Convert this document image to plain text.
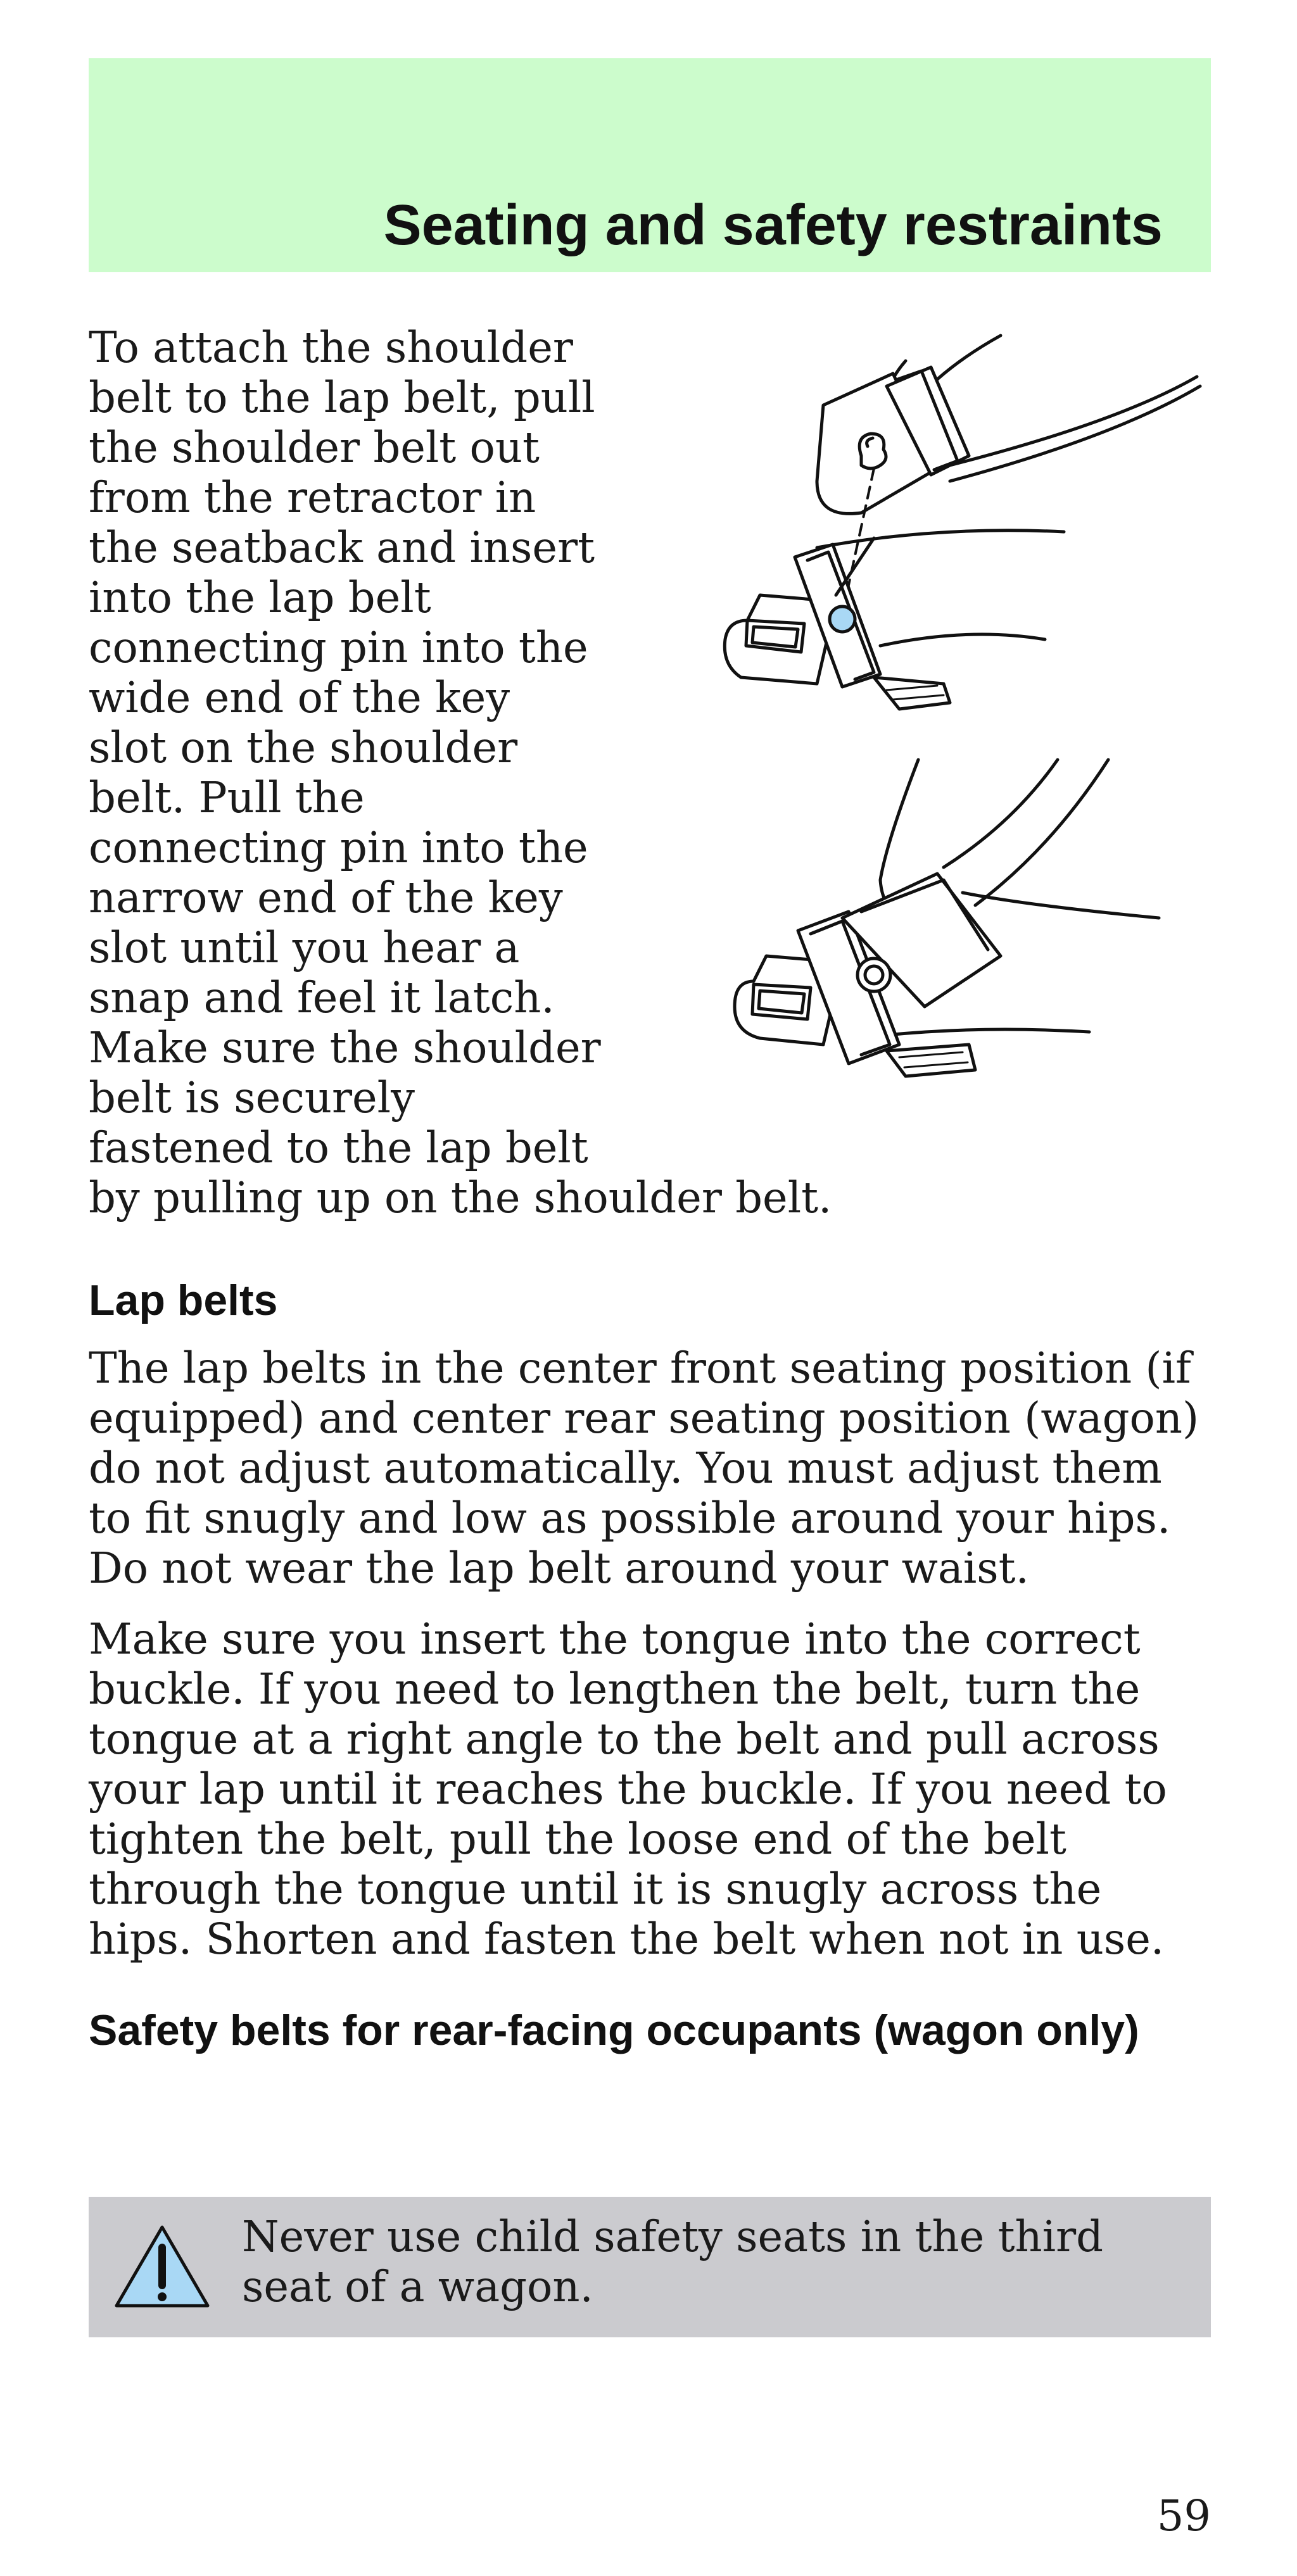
Seating and safety restraints

To attach the shoulder
belt to the lap belt, pull
the shoulder belt out
from the retractor in
the seatback and insert
into the lap belt
connecting pin into the
wide end of the key
slot on the shoulder
belt. Pull the
connecting pin into the
narrow end of the key
slot until you hear a
snap and feel it latch.
Make sure the shoulder
belt is securely
fastened to the lap belt

by pulling up on the shoulder belt.

Lap belts

The lap belts in the center front seating position (if equipped) and center rear seating position (wagon) do not adjust automatically. You must adjust them to fit snugly and low as possible around your hips. Do not wear the lap belt around your waist.

Make sure you insert the tongue into the correct buckle. If you need to lengthen the belt, turn the tongue at a right angle to the belt and pull across your lap until it reaches the buckle. If you need to tighten the belt, pull the loose end of the belt through the tongue until it is snugly across the hips. Shorten and fasten the belt when not in use.

Safety belts for rear-facing occupants (wagon only)

Never use child safety seats in the third seat of a wagon.

59
